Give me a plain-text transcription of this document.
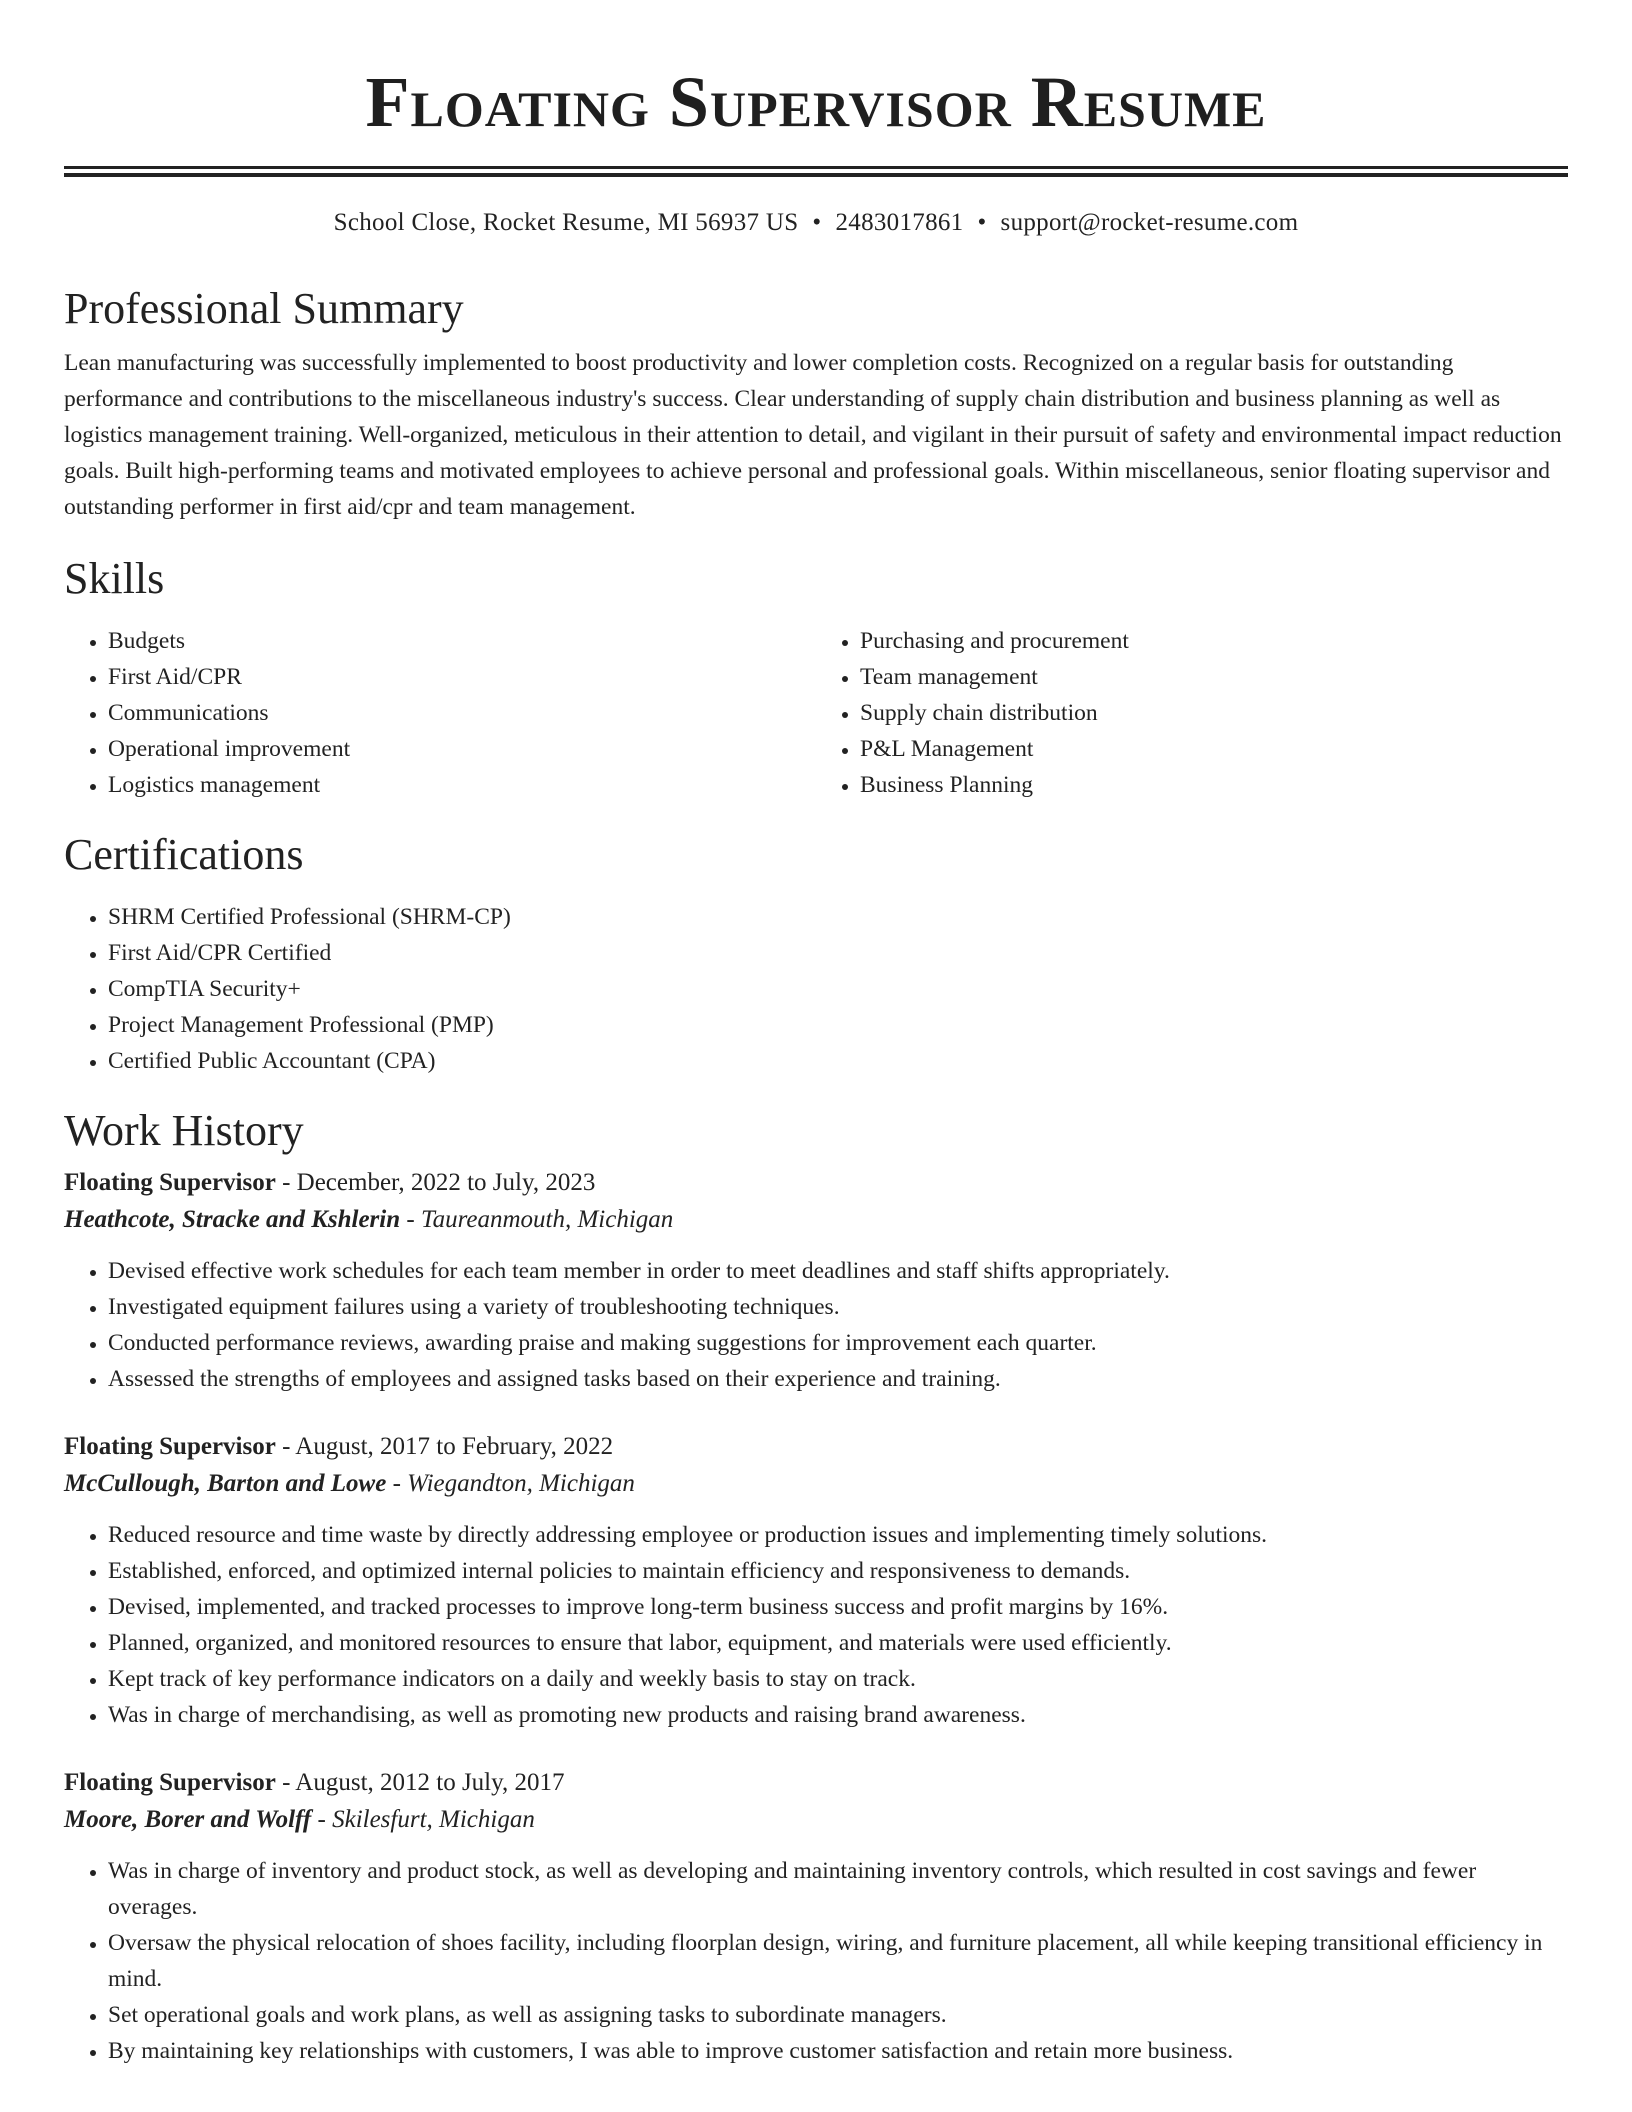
Floating Supervisor Resume
School Close, Rocket Resume, MI 56937 US • 2483017861 • support@rocket-resume.com
Professional Summary

Lean manufacturing was successfully implemented to boost productivity and lower completion costs. Recognized on a regular basis for outstanding performance and contributions to the miscellaneous industry's success. Clear understanding of supply chain distribution and business planning as well as logistics management training. Well-organized, meticulous in their attention to detail, and vigilant in their pursuit of safety and environmental impact reduction goals. Built high-performing teams and motivated employees to achieve personal and professional goals. Within miscellaneous, senior floating supervisor and outstanding performer in first aid/cpr and team management.

Skills
• Budgets
• First Aid/CPR
• Communications
• Operational improvement
• Logistics management
• Purchasing and procurement
• Team management
• Supply chain distribution
• P&L Management
• Business Planning
Certifications
• SHRM Certified Professional (SHRM-CP)
• First Aid/CPR Certified
• CompTIA Security+
• Project Management Professional (PMP)
• Certified Public Accountant (CPA)
Work History
Floating Supervisor - December, 2022 to July, 2023
Heathcote, Stracke and Kshlerin - Taureanmouth, Michigan
• Devised effective work schedules for each team member in order to meet deadlines and staff shifts appropriately.
• Investigated equipment failures using a variety of troubleshooting techniques.
• Conducted performance reviews, awarding praise and making suggestions for improvement each quarter.
• Assessed the strengths of employees and assigned tasks based on their experience and training.
Floating Supervisor - August, 2017 to February, 2022
McCullough, Barton and Lowe - Wiegandton, Michigan
• Reduced resource and time waste by directly addressing employee or production issues and implementing timely solutions.
• Established, enforced, and optimized internal policies to maintain efficiency and responsiveness to demands.
• Devised, implemented, and tracked processes to improve long-term business success and profit margins by 16%.
• Planned, organized, and monitored resources to ensure that labor, equipment, and materials were used efficiently.
• Kept track of key performance indicators on a daily and weekly basis to stay on track.
• Was in charge of merchandising, as well as promoting new products and raising brand awareness.
Floating Supervisor - August, 2012 to July, 2017
Moore, Borer and Wolff - Skilesfurt, Michigan
• Was in charge of inventory and product stock, as well as developing and maintaining inventory controls, which resulted in cost savings and fewer overages.
• Oversaw the physical relocation of shoes facility, including floorplan design, wiring, and furniture placement, all while keeping transitional efficiency in mind.
• Set operational goals and work plans, as well as assigning tasks to subordinate managers.
• By maintaining key relationships with customers, I was able to improve customer satisfaction and retain more business.
